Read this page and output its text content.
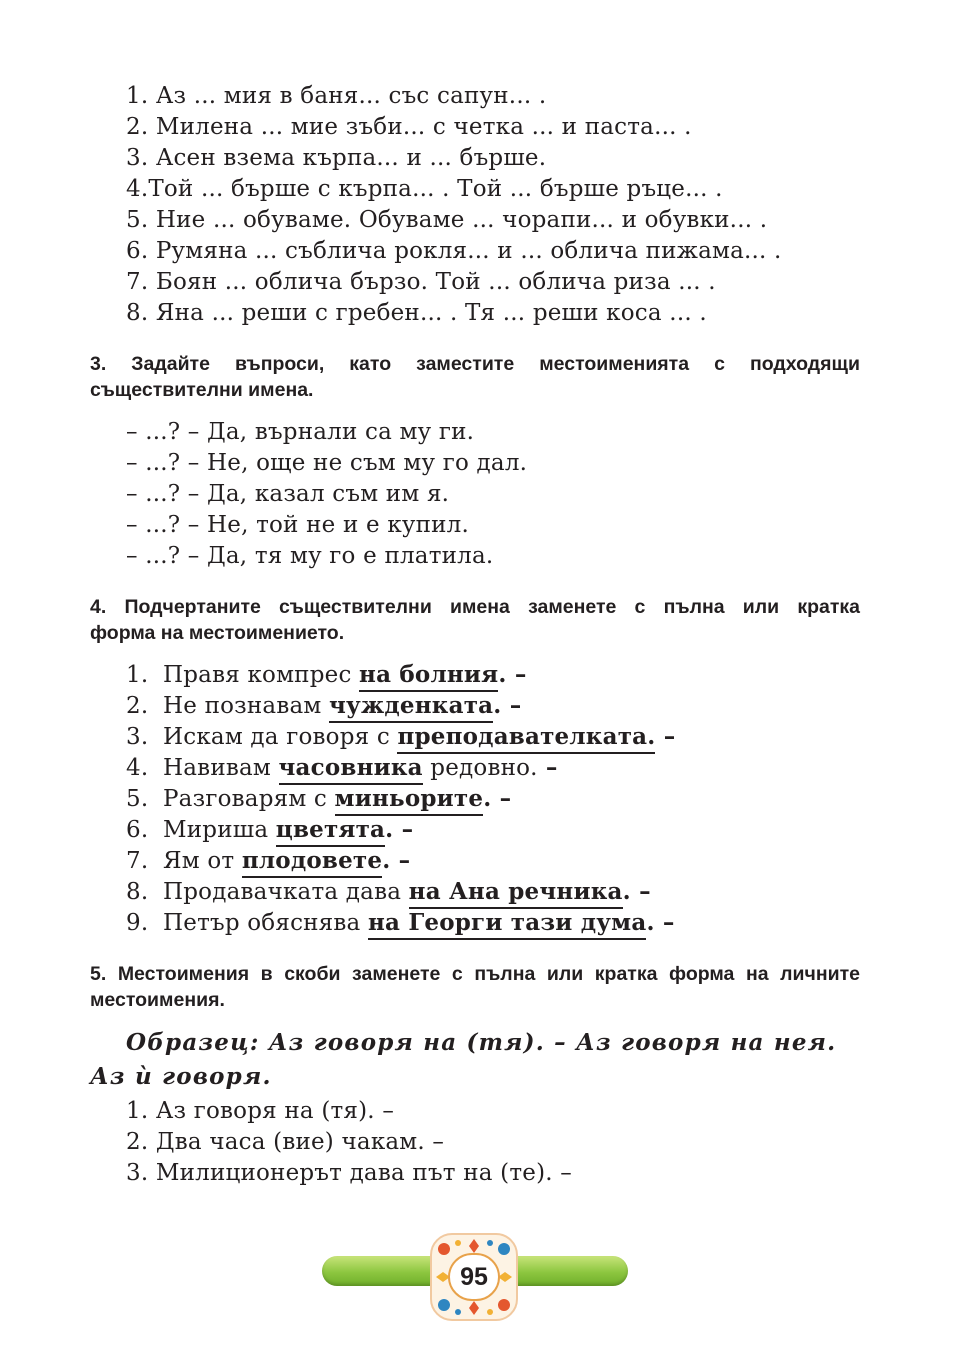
1. Аз ... мия в баня... със сапун... .
2. Милена ... мие зъби... с четка ... и паста... .
3. Асен взема кърпа... и ... бърше.
4.Той ... бърше с кърпа... . Той ... бърше ръце... .
5. Ние ... обуваме. Обуваме ... чорапи... и обувки... .
6. Румяна ... съблича рокля... и ... облича пижама... .
7. Боян ... облича бързо. Той ... облича риза ... .
8. Яна ... реши с гребен... . Тя ... реши коса ... .
3. Задайте въпроси, като заместите местоименията с подходящи
съществителни имена.
– ...? – Да, върнали са му ги.
– ...? – Не, още не съм му го дал.
– ...? – Да, казал съм им я.
– ...? – Не, той не и е купил.
– ...? – Да, тя му го е платила.
4. Подчертаните съществителни имена заменете с пълна или кратка
форма на местоимението.
1. Правя компрес на болния. –
2. Не познавам чужденката. –
3. Искам да говоря с преподавателката. –
4. Навивам часовника редовно. –
5. Разговарям с миньорите. –
6. Мириша цветята. –
7. Ям от плодовете. –
8. Продавачката дава на Ана речника. –
9. Петър обяснява на Георги тази дума. –
5. Местоимения в скоби заменете с пълна или кратка форма на личните
местоимения.
Образец: Аз говоря на (тя). – Аз говоря на нея. Аз ѝ говоря.
1. Аз говоря на (тя). –
2. Два часа (вие) чакам. –
3. Милиционерът дава път на (те). –
95
